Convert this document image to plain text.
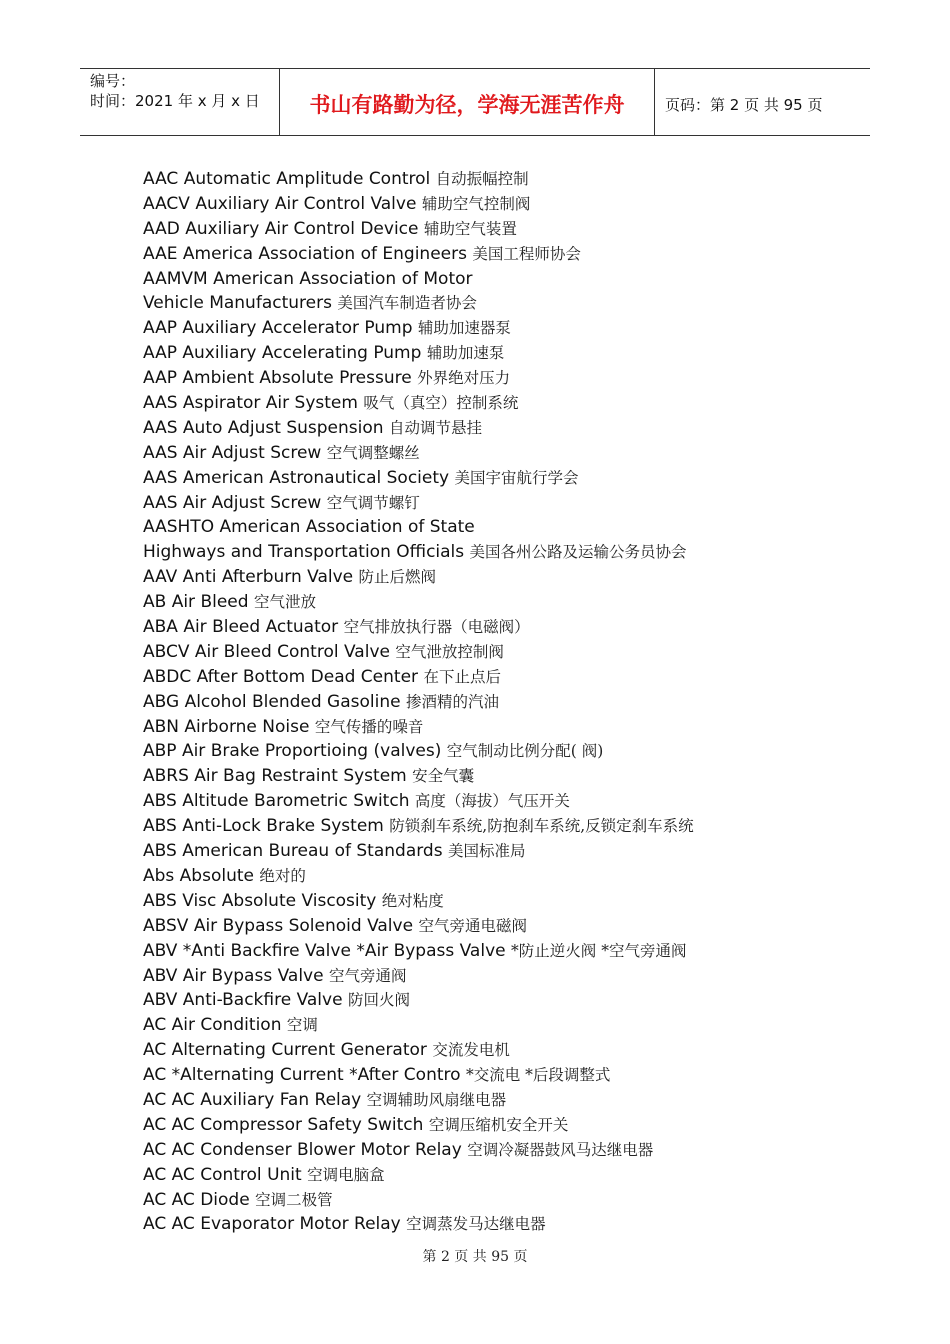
编号：
时间：2021 年 x 月 x 日	书山有路勤为径，学海无涯苦作舟	页码：第 2 页 共 95 页
AAC Automatic Amplitude Control 自动振幅控制
AACV Auxiliary Air Control Valve 辅助空气控制阀
AAD Auxiliary Air Control Device 辅助空气装置
AAE America Association of Engineers 美国工程师协会
AAMVM American Association of Motor
Vehicle Manufacturers 美国汽车制造者协会
AAP Auxiliary Accelerator Pump 辅助加速器泵
AAP Auxiliary Accelerating Pump 辅助加速泵
AAP Ambient Absolute Pressure 外界绝对压力
AAS Aspirator Air System 吸气（真空）控制系统
AAS Auto Adjust Suspension 自动调节悬挂
AAS Air Adjust Screw 空气调整螺丝
AAS American Astronautical Society 美国宇宙航行学会
AAS Air Adjust Screw 空气调节螺钉
AASHTO American Association of State
Highways and Transportation Officials 美国各州公路及运输公务员协会
AAV Anti Afterburn Valve 防止后燃阀
AB Air Bleed 空气泄放
ABA Air Bleed Actuator 空气排放执行器（电磁阀）
ABCV Air Bleed Control Valve 空气泄放控制阀
ABDC After Bottom Dead Center 在下止点后
ABG Alcohol Blended Gasoline 掺酒精的汽油
ABN Airborne Noise 空气传播的噪音
ABP Air Brake Proportioing (valves) 空气制动比例分配( 阀)
ABRS Air Bag Restraint System 安全气囊
ABS Altitude Barometric Switch 高度（海拔）气压开关
ABS Anti-Lock Brake System 防锁刹车系统,防抱刹车系统,反锁定刹车系统
ABS American Bureau of Standards 美国标准局
Abs Absolute 绝对的
ABS Visc Absolute Viscosity 绝对粘度
ABSV Air Bypass Solenoid Valve 空气旁通电磁阀
ABV *Anti Backfire Valve *Air Bypass Valve *防止逆火阀 *空气旁通阀
ABV Air Bypass Valve 空气旁通阀
ABV Anti-Backfire Valve 防回火阀
AC Air Condition 空调
AC Alternating Current Generator 交流发电机
AC *Alternating Current *After Contro *交流电 *后段调整式
AC AC Auxiliary Fan Relay 空调辅助风扇继电器
AC AC Compressor Safety Switch 空调压缩机安全开关
AC AC Condenser Blower Motor Relay 空调冷凝器鼓风马达继电器
AC AC Control Unit 空调电脑盒
AC AC Diode 空调二极管
AC AC Evaporator Motor Relay 空调蒸发马达继电器
第 2 页 共 95 页
